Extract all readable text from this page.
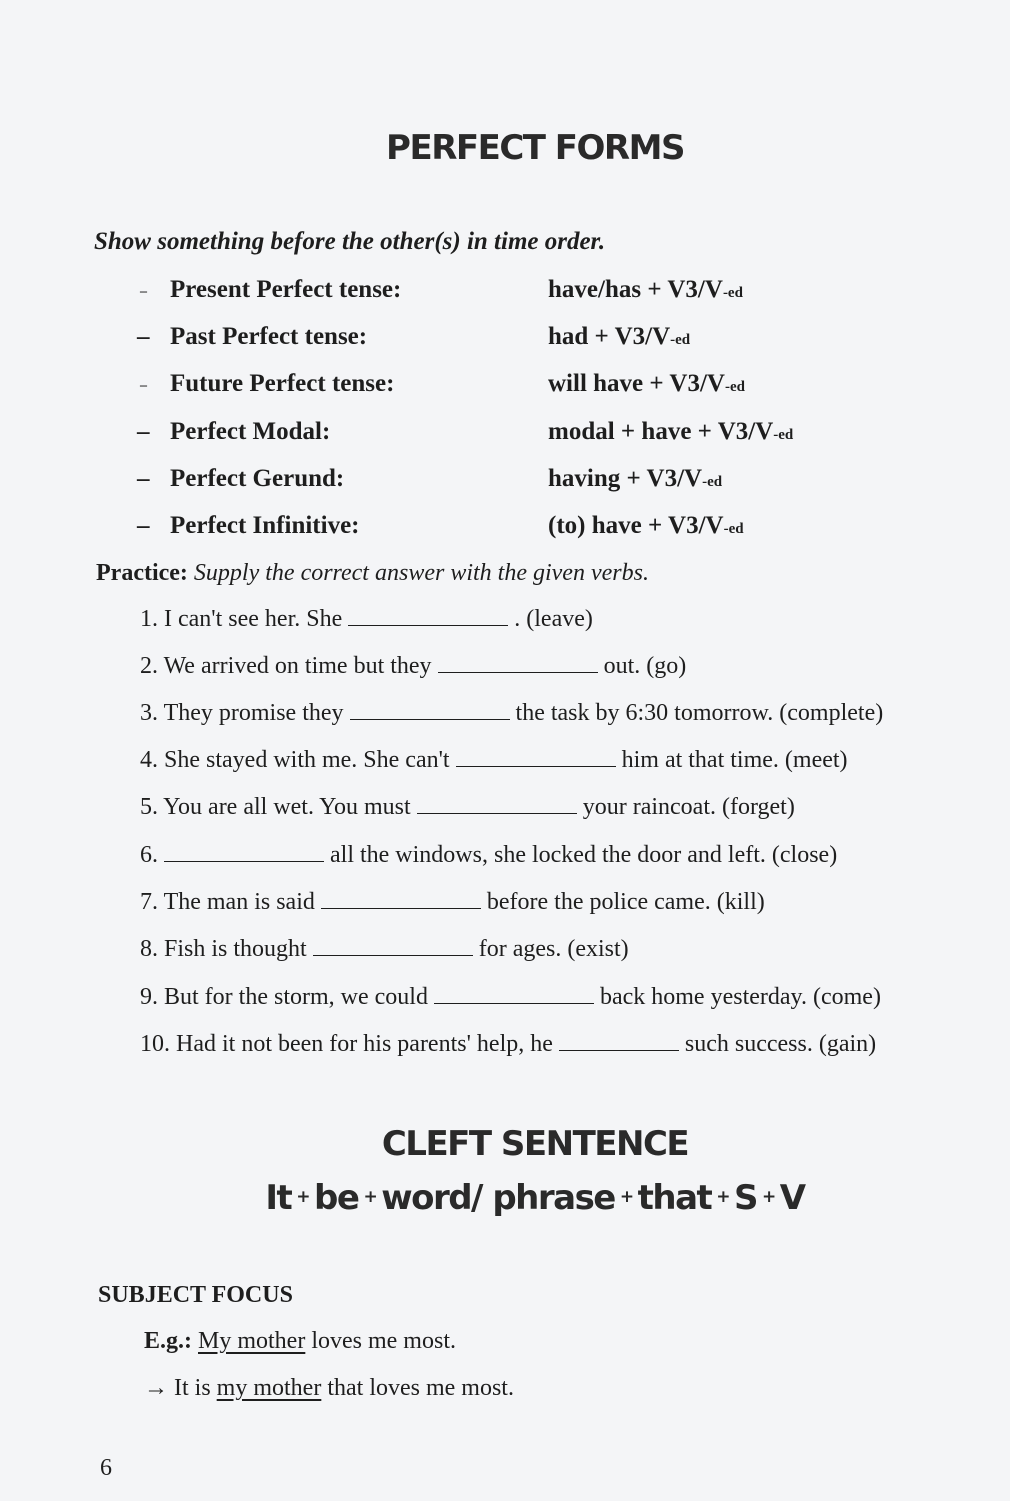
PERFECT FORMS
Show something before the other(s) in time order.
– Present Perfect tense:	have/has + V3/V-ed
– Past Perfect tense:	had + V3/V-ed
– Future Perfect tense:	will have + V3/V-ed
– Perfect Modal:	modal + have + V3/V-ed
– Perfect Gerund:	having + V3/V-ed
– Perfect Infinitive:	(to) have + V3/V-ed
Practice: Supply the correct answer with the given verbs.
1. I can't see her. She	. (leave)
2. We arrived on time but they	out. (go)
3. They promise they	the task by 6:30 tomorrow. (complete)
4. She stayed with me. She can't	him at that time. (meet)
5. You are all wet. You must	your raincoat. (forget)
6.	all the windows, she locked the door and left. (close)
7. The man is said	before the police came. (kill)
8. Fish is thought	for ages. (exist)
9. But for the storm, we could	back home yesterday. (come)
10. Had it not been for his parents' help, he	such success. (gain)
CLEFT SENTENCE
It + be + word/ phrase + that + S + V
SUBJECT FOCUS
E.g.: My mother loves me most.
→ It is my mother that loves me most.
6
